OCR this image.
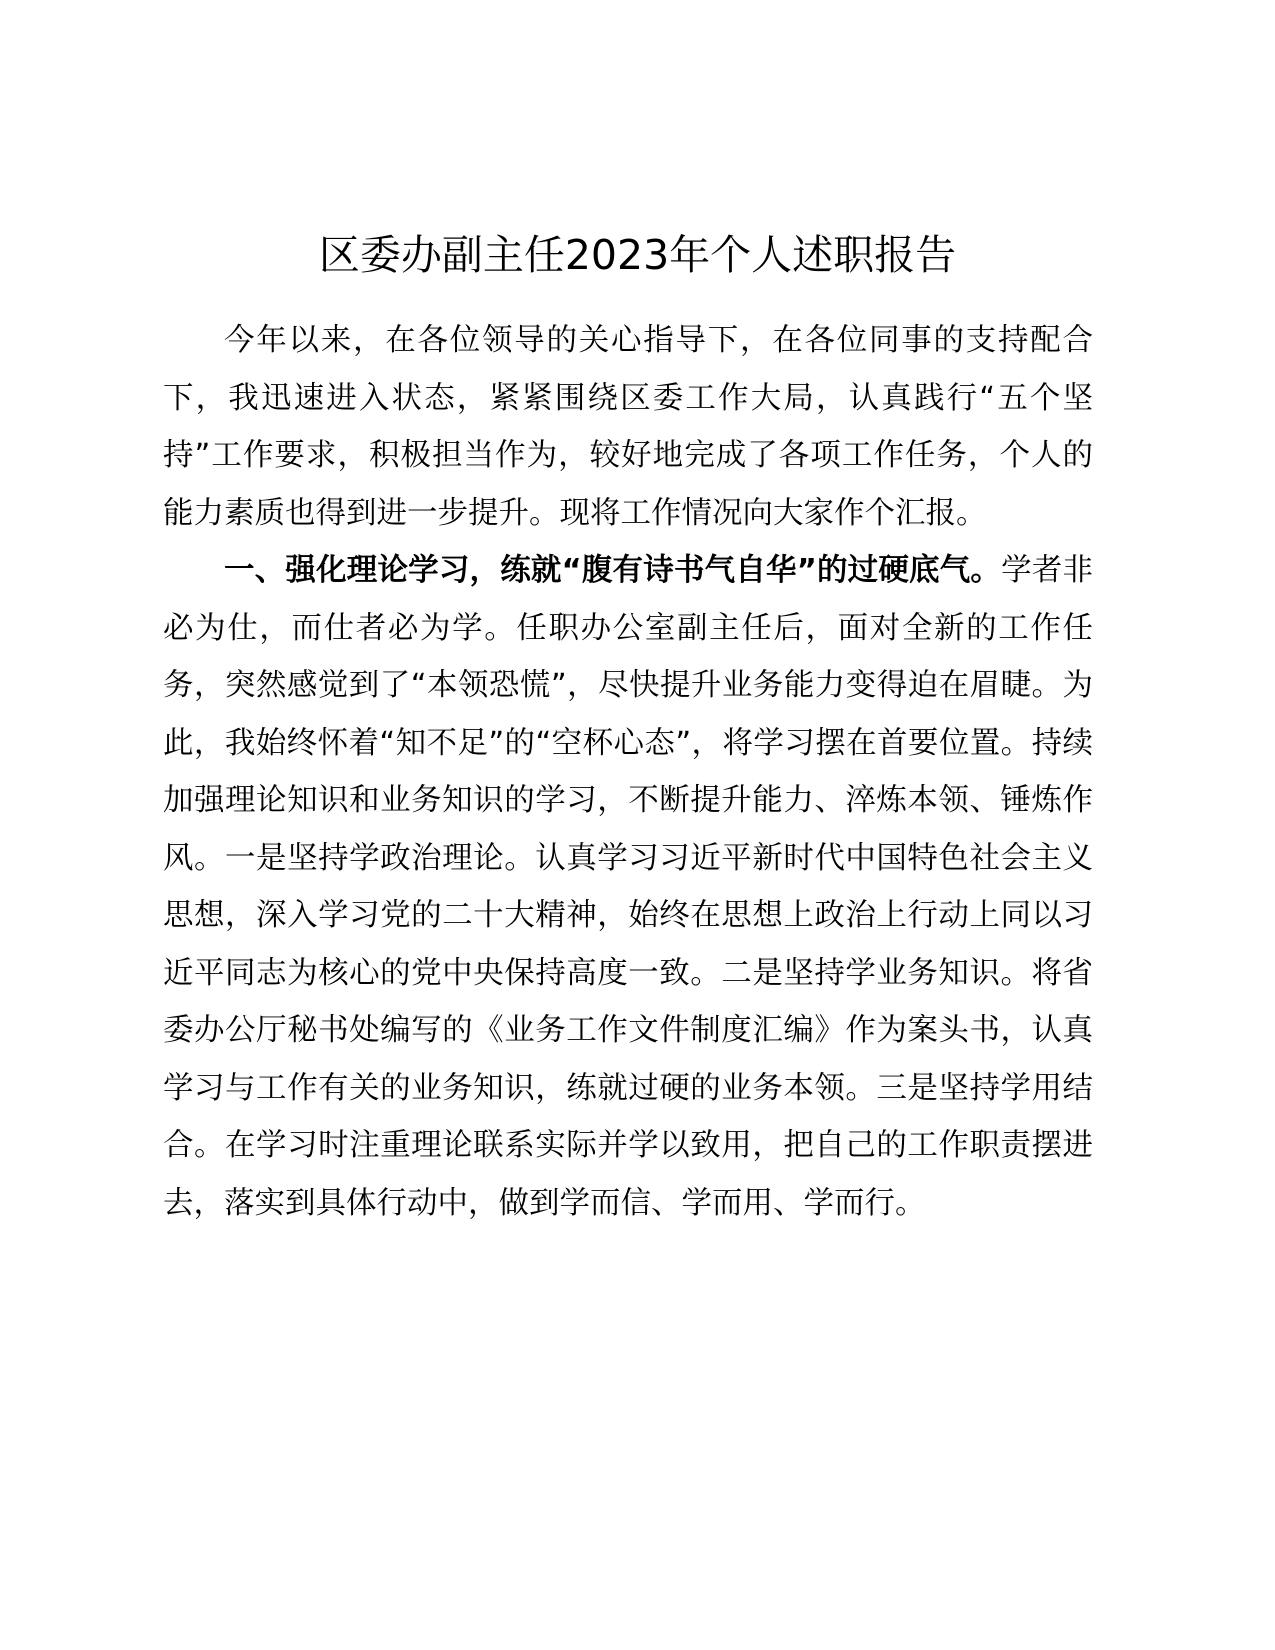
区委办副主任2023年个人述职报告

今年以来，在各位领导的关心指导下，在各位同事的支持配合下，我迅速进入状态，紧紧围绕区委工作大局，认真践行“五个坚持”工作要求，积极担当作为，较好地完成了各项工作任务，个人的能力素质也得到进一步提升。现将工作情况向大家作个汇报。

一、强化理论学习，练就“腹有诗书气自华”的过硬底气。学者非必为仕，而仕者必为学。任职办公室副主任后，面对全新的工作任务，突然感觉到了“本领恐慌”，尽快提升业务能力变得迫在眉睫。为此，我始终怀着“知不足”的“空杯心态”，将学习摆在首要位置。持续加强理论知识和业务知识的学习，不断提升能力、淬炼本领、锤炼作风。一是坚持学政治理论。认真学习习近平新时代中国特色社会主义思想，深入学习党的二十大精神，始终在思想上政治上行动上同以习近平同志为核心的党中央保持高度一致。二是坚持学业务知识。将省委办公厅秘书处编写的《业务工作文件制度汇编》作为案头书，认真学习与工作有关的业务知识，练就过硬的业务本领。三是坚持学用结合。在学习时注重理论联系实际并学以致用，把自己的工作职责摆进去，落实到具体行动中，做到学而信、学而用、学而行。
